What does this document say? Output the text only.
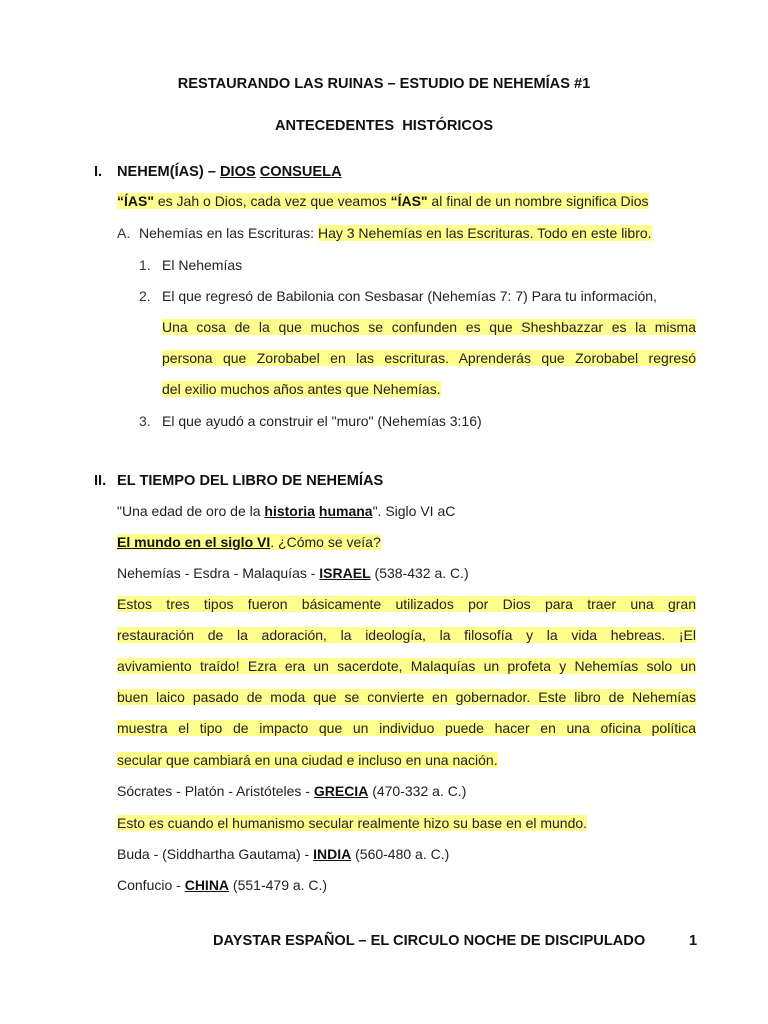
RESTAURANDO LAS RUINAS – ESTUDIO DE NEHEMÍAS #1
ANTECEDENTES  HISTÓRICOS
I. NEHEM(ÍAS) – DIOS CONSUELA
“ÍAS" es Jah o Dios, cada vez que veamos “ÍAS" al final de un nombre significa Dios
A. Nehemías en las Escrituras: Hay 3 Nehemías en las Escrituras. Todo en este libro.
1. El Nehemías
2. El que regresó de Babilonia con Sesbasar (Nehemías 7: 7) Para tu información,
Una cosa de la que muchos se confunden es que Sheshbazzar es la misma
persona que Zorobabel en las escrituras. Aprenderás que Zorobabel regresó
del exilio muchos años antes que Nehemías.
3. El que ayudó a construir el "muro" (Nehemías 3:16)
II. EL TIEMPO DEL LIBRO DE NEHEMÍAS
"Una edad de oro de la historia humana". Siglo VI aC
El mundo en el siglo VI. ¿Cómo se veía?
Nehemías - Esdra - Malaquías - ISRAEL (538-432 a. C.)
Estos tres tipos fueron básicamente utilizados por Dios para traer una gran
restauración de la adoración, la ideología, la filosofía y la vida hebreas. ¡El
avivamiento traído! Ezra era un sacerdote, Malaquías un profeta y Nehemías solo un
buen laico pasado de moda que se convierte en gobernador. Este libro de Nehemías
muestra el tipo de impacto que un individuo puede hacer en una oficina política
secular que cambiará en una ciudad e incluso en una nación.
Sócrates - Platón - Aristóteles - GRECIA (470-332 a. C.)
Esto es cuando el humanismo secular realmente hizo su base en el mundo.
Buda - (Siddhartha Gautama) - INDIA (560-480 a. C.)
Confucio - CHINA (551-479 a. C.)
DAYSTAR ESPAÑOL – EL CIRCULO NOCHE DE DISCIPULADO	1
